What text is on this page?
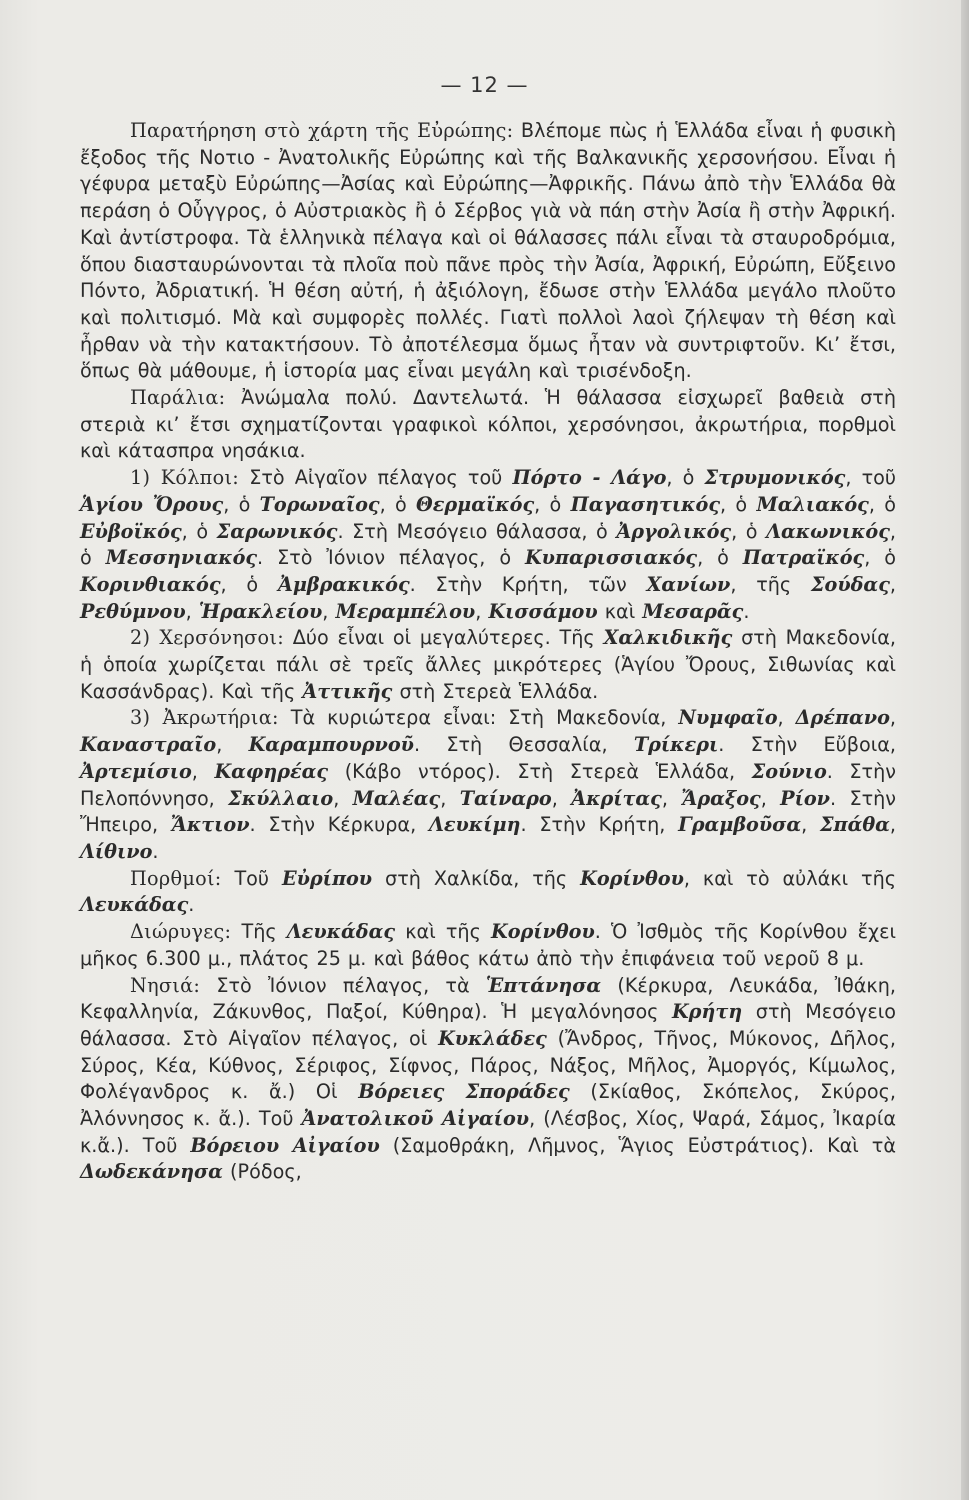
— 12 —

Παρατήρηση στὸ χάρτη τῆς Εὐρώπης: Βλέπομε πὼς ἡ Ἑλλάδα εἶναι ἡ φυσικὴ ἔξοδος τῆς Νοτιο - Ἀνατολικῆς Εὐρώπης καὶ τῆς Βαλκανικῆς χερσονήσου. Εἶναι ἡ γέφυρα μεταξὺ Εὐρώπης—Ἀσίας καὶ Εὐρώπης—Ἀφρικῆς. Πάνω ἀπὸ τὴν Ἑλλάδα θὰ περάση ὁ Οὖγγρος, ὁ Αὐστριακὸς ἢ ὁ Σέρβος γιὰ νὰ πάη στὴν Ἀσία ἢ στὴν Ἀφρική. Καὶ ἀντίστροφα. Τὰ ἑλληνικὰ πέλαγα καὶ οἱ θάλασσες πάλι εἶναι τὰ σταυροδρόμια, ὅπου διασταυρώνονται τὰ πλοῖα ποὺ πᾶνε πρὸς τὴν Ἀσία, Ἀφρική, Εὐρώπη, Εὔξεινο Πόντο, Ἀδριατική. Ἡ θέση αὐτή, ἡ ἀξιόλογη, ἔδωσε στὴν Ἑλλάδα μεγάλο πλοῦτο καὶ πολιτισμό. Μὰ καὶ συμφορὲς πολλές. Γιατὶ πολλοὶ λαοὶ ζήλεψαν τὴ θέση καὶ ἦρθαν νὰ τὴν κατακτήσουν. Τὸ ἀποτέλεσμα ὅμως ἦταν νὰ συντριφτοῦν. Κι’ ἔτσι, ὅπως θὰ μάθουμε, ἡ ἱστορία μας εἶναι μεγάλη καὶ τρισένδοξη.

Παράλια: Ἀνώμαλα πολύ. Δαντελωτά. Ἡ θάλασσα εἰσχωρεῖ βαθειὰ στὴ στεριὰ κι’ ἔτσι σχηματίζονται γραφικοὶ κόλποι, χερσόνησοι, ἀκρωτήρια, πορθμοὶ καὶ κάτασπρα νησάκια.

1) Κόλποι: Στὸ Αἰγαῖον πέλαγος τοῦ Πόρτο - Λάγο, ὁ Στρυμονικός, τοῦ Ἁγίου Ὄρους, ὁ Τορωναῖος, ὁ Θερμαϊκός, ὁ Παγασητικός, ὁ Μαλιακός, ὁ Εὐβοϊκός, ὁ Σαρωνικός. Στὴ Μεσόγειο θάλασσα, ὁ Ἀργολικός, ὁ Λακωνικός, ὁ Μεσσηνιακός. Στὸ Ἰόνιον πέλαγος, ὁ Κυπαρισσιακός, ὁ Πατραϊκός, ὁ Κορινθιακός, ὁ Ἀμβρακικός. Στὴν Κρήτη, τῶν Χανίων, τῆς Σούδας, Ρεθύμνου, Ἡρακλείου, Μεραμπέλου, Κισσάμου καὶ Μεσαρᾶς.

2) Χερσόνησοι: Δύο εἶναι οἱ μεγαλύτερες. Τῆς Χαλκιδικῆς στὴ Μακεδονία, ἡ ὁποία χωρίζεται πάλι σὲ τρεῖς ἄλλες μικρότερες (Ἁγίου Ὄρους, Σιθωνίας καὶ Κασσάνδρας). Καὶ τῆς Ἀττικῆς στὴ Στερεὰ Ἑλλάδα.

3) Ἀκρωτήρια: Τὰ κυριώτερα εἶναι: Στὴ Μακεδονία, Νυμφαῖο, Δρέπανο, Καναστραῖο, Καραμπουρνοῦ. Στὴ Θεσσαλία, Τρίκερι. Στὴν Εὔβοια, Ἀρτεμίσιο, Καφηρέας (Κάβο ντόρος). Στὴ Στερεὰ Ἑλλάδα, Σούνιο. Στὴν Πελοπόννησο, Σκύλλαιο, Μαλέας, Ταίναρο, Ἀκρίτας, Ἄραξος, Ρίον. Στὴν Ἤπειρο, Ἄκτιον. Στὴν Κέρκυρα, Λευκίμη. Στὴν Κρήτη, Γραμβοῦσα, Σπάθα, Λίθινο.

Πορθμοί: Τοῦ Εὐρίπου στὴ Χαλκίδα, τῆς Κορίνθου, καὶ τὸ αὐλάκι τῆς Λευκάδας.

Διώρυγες: Τῆς Λευκάδας καὶ τῆς Κορίνθου. Ὁ Ἰσθμὸς τῆς Κορίνθου ἔχει μῆκος 6.300 μ., πλάτος 25 μ. καὶ βάθος κάτω ἀπὸ τὴν ἐπιφάνεια τοῦ νεροῦ 8 μ.

Νησιά: Στὸ Ἰόνιον πέλαγος, τὰ Ἑπτάνησα (Κέρκυρα, Λευκάδα, Ἰθάκη, Κεφαλληνία, Ζάκυνθος, Παξοί, Κύθηρα). Ἡ μεγαλόνησος Κρήτη στὴ Μεσόγειο θάλασσα. Στὸ Αἰγαῖον πέλαγος, οἱ Κυκλάδες (Ἄνδρος, Τῆνος, Μύκονος, Δῆλος, Σύρος, Κέα, Κύθνος, Σέριφος, Σίφνος, Πάρος, Νάξος, Μῆλος, Ἀμοργός, Κίμωλος, Φολέγανδρος κ. ἄ.) Οἱ Βόρειες Σποράδες (Σκίαθος, Σκόπελος, Σκύρος, Ἀλόννησος κ. ἄ.). Τοῦ Ἀνατολικοῦ Αἰγαίου, (Λέσβος, Χίος, Ψαρά, Σάμος, Ἰκαρία κ.ἄ.). Τοῦ Βόρειου Αἰγαίου (Σαμοθράκη, Λῆμνος, Ἅγιος Εὐστράτιος). Καὶ τὰ Δωδεκάνησα (Ρόδος,
